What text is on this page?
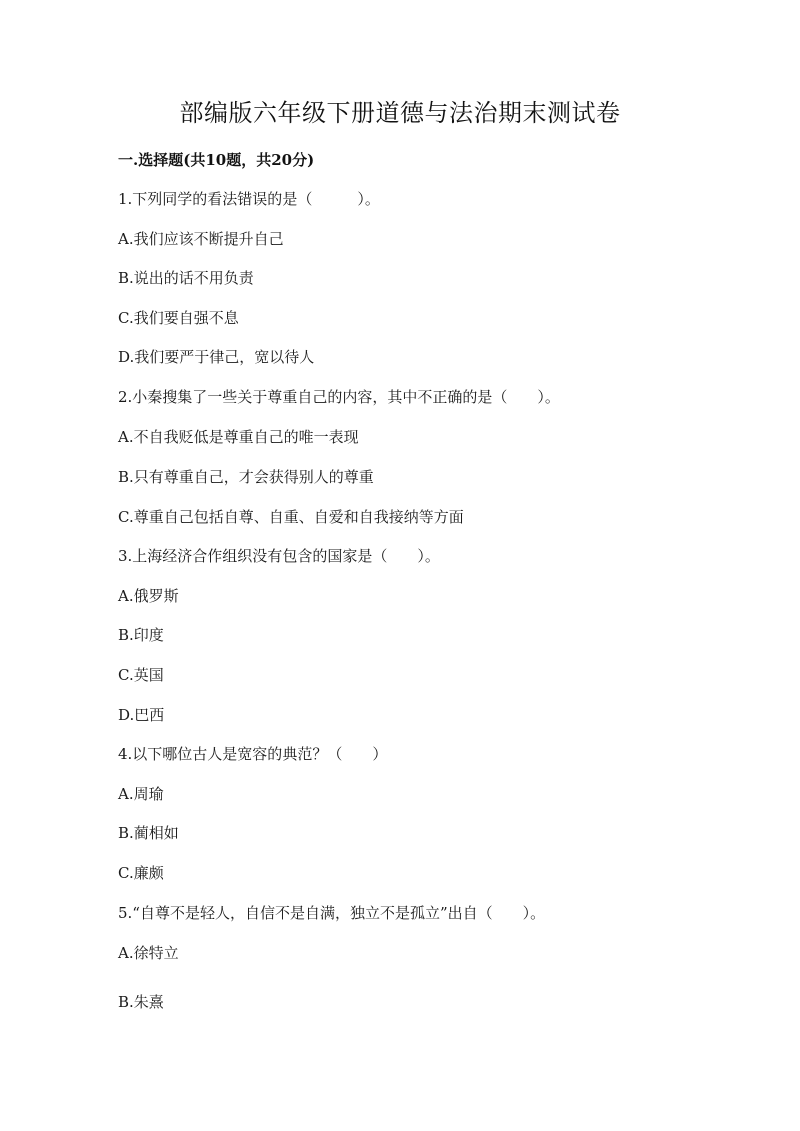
部编版六年级下册道德与法治期末测试卷
一.选择题(共10题，共20分)
1.下列同学的看法错误的是（　　　）。
A.我们应该不断提升自己
B.说出的话不用负责
C.我们要自强不息
D.我们要严于律己，宽以待人
2.小秦搜集了一些关于尊重自己的内容，其中不正确的是（　　）。
A.不自我贬低是尊重自己的唯一表现
B.只有尊重自己，才会获得别人的尊重
C.尊重自己包括自尊、自重、自爱和自我接纳等方面
3.上海经济合作组织没有包含的国家是（　　）。
A.俄罗斯
B.印度
C.英国
D.巴西
4.以下哪位古人是宽容的典范？（　　）
A.周瑜
B.蔺相如
C.廉颇
5.“自尊不是轻人，自信不是自满，独立不是孤立”出自（　　）。
A.徐特立
B.朱熹
